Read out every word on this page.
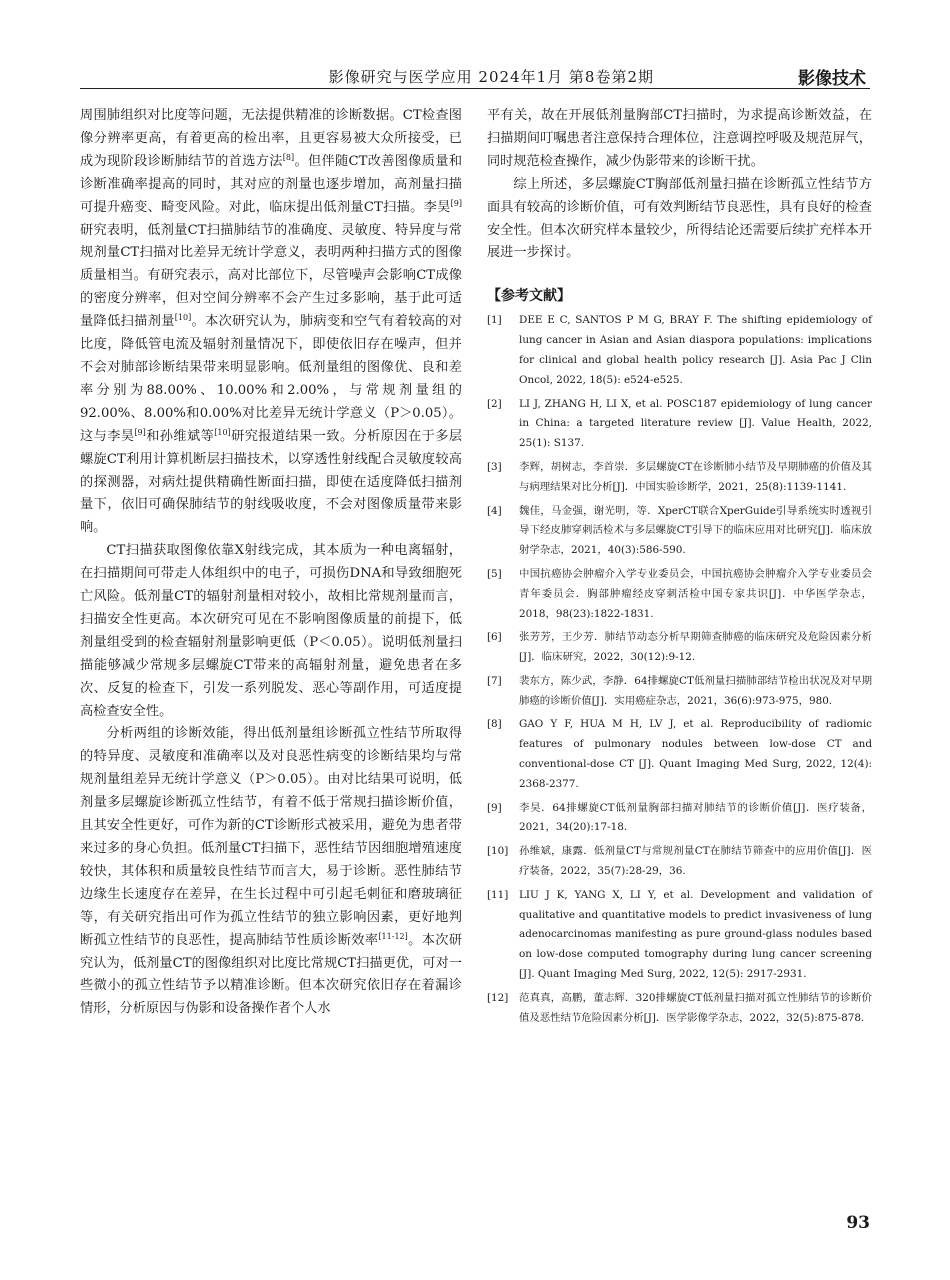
影像研究与医学应用 2024年1月 第8卷第2期	影像技术

周围肺组织对比度等问题，无法提供精准的诊断数据。CT检查图像分辨率更高，有着更高的检出率，且更容易被大众所接受，已成为现阶段诊断肺结节的首选方法[8]。但伴随CT改善图像质量和诊断准确率提高的同时，其对应的剂量也逐步增加，高剂量扫描可提升癌变、畸变风险。对此，临床提出低剂量CT扫描。李昊[9]研究表明，低剂量CT扫描肺结节的准确度、灵敏度、特异度与常规剂量CT扫描对比差异无统计学意义，表明两种扫描方式的图像质量相当。有研究表示，高对比部位下，尽管噪声会影响CT成像的密度分辨率，但对空间分辨率不会产生过多影响，基于此可适量降低扫描剂量[10]。本次研究认为，肺病变和空气有着较高的对比度，降低管电流及辐射剂量情况下，即使依旧存在噪声，但并不会对肺部诊断结果带来明显影响。低剂量组的图像优、良和差率分别为88.00%、10.00%和2.00%，与常规剂量组的92.00%、8.00%和0.00%对比差异无统计学意义（P＞0.05）。这与李昊[9]和孙维斌等[10]研究报道结果一致。分析原因在于多层螺旋CT利用计算机断层扫描技术，以穿透性射线配合灵敏度较高的探测器，对病灶提供精确性断面扫描，即使在适度降低扫描剂量下，依旧可确保肺结节的射线吸收度，不会对图像质量带来影响。

CT扫描获取图像依靠X射线完成，其本质为一种电离辐射，在扫描期间可带走人体组织中的电子，可损伤DNA和导致细胞死亡风险。低剂量CT的辐射剂量相对较小，故相比常规剂量而言，扫描安全性更高。本次研究可见在不影响图像质量的前提下，低剂量组受到的检查辐射剂量影响更低（P＜0.05）。说明低剂量扫描能够减少常规多层螺旋CT带来的高辐射剂量，避免患者在多次、反复的检查下，引发一系列脱发、恶心等副作用，可适度提高检查安全性。

分析两组的诊断效能，得出低剂量组诊断孤立性结节所取得的特异度、灵敏度和准确率以及对良恶性病变的诊断结果均与常规剂量组差异无统计学意义（P＞0.05）。由对比结果可说明，低剂量多层螺旋诊断孤立性结节，有着不低于常规扫描诊断价值，且其安全性更好，可作为新的CT诊断形式被采用，避免为患者带来过多的身心负担。低剂量CT扫描下，恶性结节因细胞增殖速度较快，其体积和质量较良性结节而言大，易于诊断。恶性肺结节边缘生长速度存在差异，在生长过程中可引起毛刺征和磨玻璃征等，有关研究指出可作为孤立性结节的独立影响因素，更好地判断孤立性结节的良恶性，提高肺结节性质诊断效率[11-12]。本次研究认为，低剂量CT的图像组织对比度比常规CT扫描更优，可对一些微小的孤立性结节予以精准诊断。但本次研究依旧存在着漏诊情形，分析原因与伪影和设备操作者个人水

平有关，故在开展低剂量胸部CT扫描时，为求提高诊断效益，在扫描期间叮嘱患者注意保持合理体位，注意调控呼吸及规范屏气，同时规范检查操作，减少伪影带来的诊断干扰。

综上所述，多层螺旋CT胸部低剂量扫描在诊断孤立性结节方面具有较高的诊断价值，可有效判断结节良恶性，具有良好的检查安全性。但本次研究样本量较少，所得结论还需要后续扩充样本开展进一步探讨。

【参考文献】
[1] DEE E C, SANTOS P M G, BRAY F. The shifting epidemiology of lung cancer in Asian and Asian diaspora populations: implications for clinical and global health policy research [J]. Asia Pac J Clin Oncol, 2022, 18(5): e524-e525.
[2] LI J, ZHANG H, LI X, et al. POSC187 epidemiology of lung cancer in China: a targeted literature review [J]. Value Health, 2022, 25(1): S137.
[3] 李辉，胡树志，李首崇．多层螺旋CT在诊断肺小结节及早期肺癌的价值及其与病理结果对比分析[J]．中国实验诊断学，2021，25(8):1139-1141.
[4] 魏佳，马金强，谢光明，等．XperCT联合XperGuide引导系统实时透视引导下经皮肺穿刺活检术与多层螺旋CT引导下的临床应用对比研究[J]．临床放射学杂志，2021，40(3):586-590.
[5] 中国抗癌协会肿瘤介入学专业委员会，中国抗癌协会肿瘤介入学专业委员会青年委员会．胸部肿瘤经皮穿刺活检中国专家共识[J]．中华医学杂志，2018，98(23):1822-1831.
[6] 张芳芳，王少芳．肺结节动态分析早期筛查肺癌的临床研究及危险因素分析[J]．临床研究，2022，30(12):9-12.
[7] 裴东方，陈少武，李静．64排螺旋CT低剂量扫描肺部结节检出状况及对早期肺癌的诊断价值[J]．实用癌症杂志，2021，36(6):973-975，980.
[8] GAO Y F, HUA M H, LV J, et al. Reproducibility of radiomic features of pulmonary nodules between low-dose CT and conventional-dose CT [J]. Quant Imaging Med Surg, 2022, 12(4): 2368-2377.
[9] 李昊．64排螺旋CT低剂量胸部扫描对肺结节的诊断价值[J]．医疗装备，2021，34(20):17-18.
[10] 孙维斌，康露．低剂量CT与常规剂量CT在肺结节筛查中的应用价值[J]．医疗装备，2022，35(7):28-29，36.
[11] LIU J K, YANG X, LI Y, et al. Development and validation of qualitative and quantitative models to predict invasiveness of lung adenocarcinomas manifesting as pure ground-glass nodules based on low-dose computed tomography during lung cancer screening [J]. Quant Imaging Med Surg, 2022, 12(5): 2917-2931.
[12] 范真真，高鹏，董志辉．320排螺旋CT低剂量扫描对孤立性肺结节的诊断价值及恶性结节危险因素分析[J]．医学影像学杂志，2022，32(5):875-878.
93
